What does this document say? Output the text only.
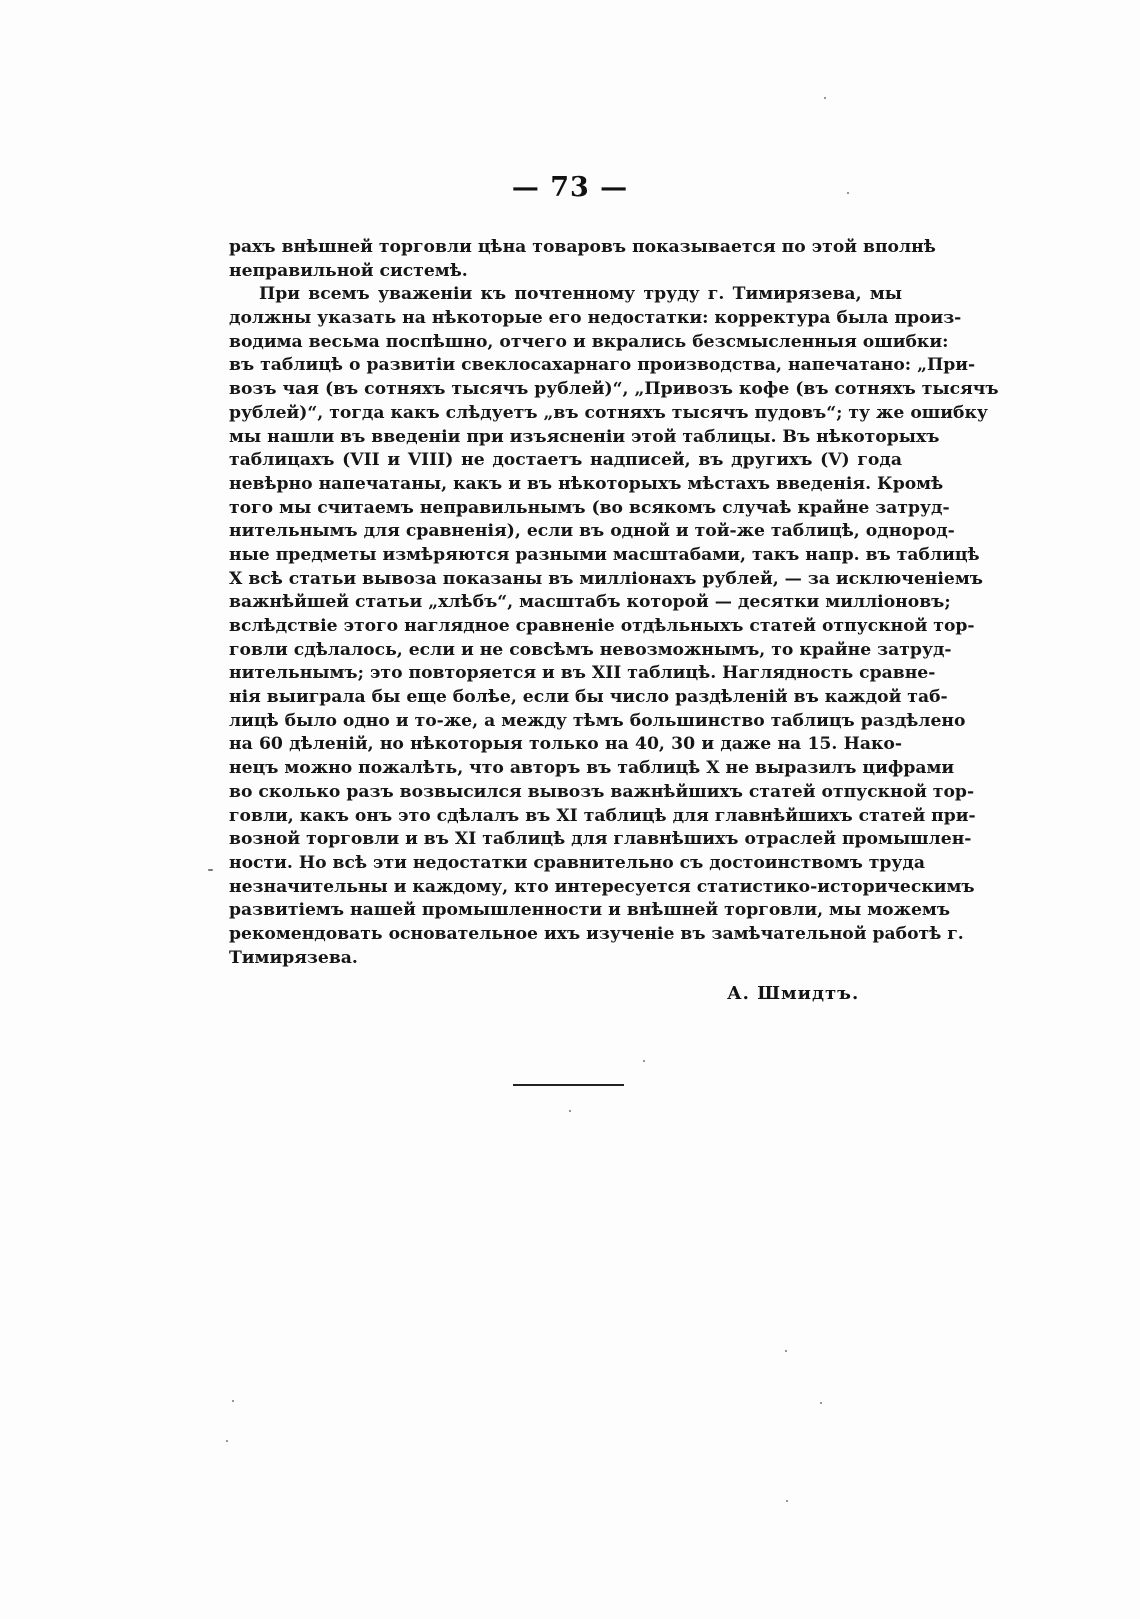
— 73 —
рахъ внѣшней торговли цѣна товаровъ показывается по этой вполнѣ
неправильной системѣ.
При всемъ уваженіи къ почтенному труду г. Тимирязева, мы
должны указать на нѣкоторые его недостатки: корректура была произ-
водима весьма поспѣшно, отчего и вкрались безсмысленныя ошибки:
въ таблицѣ о развитіи свеклосахарнаго производства, напечатано: „При-
возъ чая (въ сотняхъ тысячъ рублей)“, „Привозъ кофе (въ сотняхъ тысячъ
рублей)“, тогда какъ слѣдуетъ „въ сотняхъ тысячъ пудовъ“; ту же ошибку
мы нашли въ введеніи при изъясненіи этой таблицы. Въ нѣкоторыхъ
таблицахъ (VII и VIII) не достаетъ надписей, въ другихъ (V) года
невѣрно напечатаны, какъ и въ нѣкоторыхъ мѣстахъ введенія. Кромѣ
того мы считаемъ неправильнымъ (во всякомъ случаѣ крайне затруд-
нительнымъ для сравненія), если въ одной и той-же таблицѣ, однород-
ные предметы измѣряются разными масштабами, такъ напр. въ таблицѣ
X всѣ статьи вывоза показаны въ милліонахъ рублей, — за исключеніемъ
важнѣйшей статьи „хлѣбъ“, масштабъ которой — десятки милліоновъ;
вслѣдствіе этого наглядное сравненіе отдѣльныхъ статей отпускной тор-
говли сдѣлалось, если и не совсѣмъ невозможнымъ, то крайне затруд-
нительнымъ; это повторяется и въ XII таблицѣ. Наглядность сравне-
нія выиграла бы еще болѣе, если бы число раздѣленій въ каждой таб-
лицѣ было одно и то-же, а между тѣмъ большинство таблицъ раздѣлено
на 60 дѣленій, но нѣкоторыя только на 40, 30 и даже на 15. Нако-
нецъ можно пожалѣть, что авторъ въ таблицѣ X не выразилъ цифрами
во сколько разъ возвысился вывозъ важнѣйшихъ статей отпускной тор-
говли, какъ онъ это сдѣлалъ въ XI таблицѣ для главнѣйшихъ статей при-
возной торговли и въ XI таблицѣ для главнѣшихъ отраслей промышлен-
ности. Но всѣ эти недостатки сравнительно съ достоинствомъ труда
незначительны и каждому, кто интересуется статистико-историческимъ
развитіемъ нашей промышленности и внѣшней торговли, мы можемъ
рекомендовать основательное ихъ изученіе въ замѣчательной работѣ г.
Тимирязева.
А. Шмидтъ.
